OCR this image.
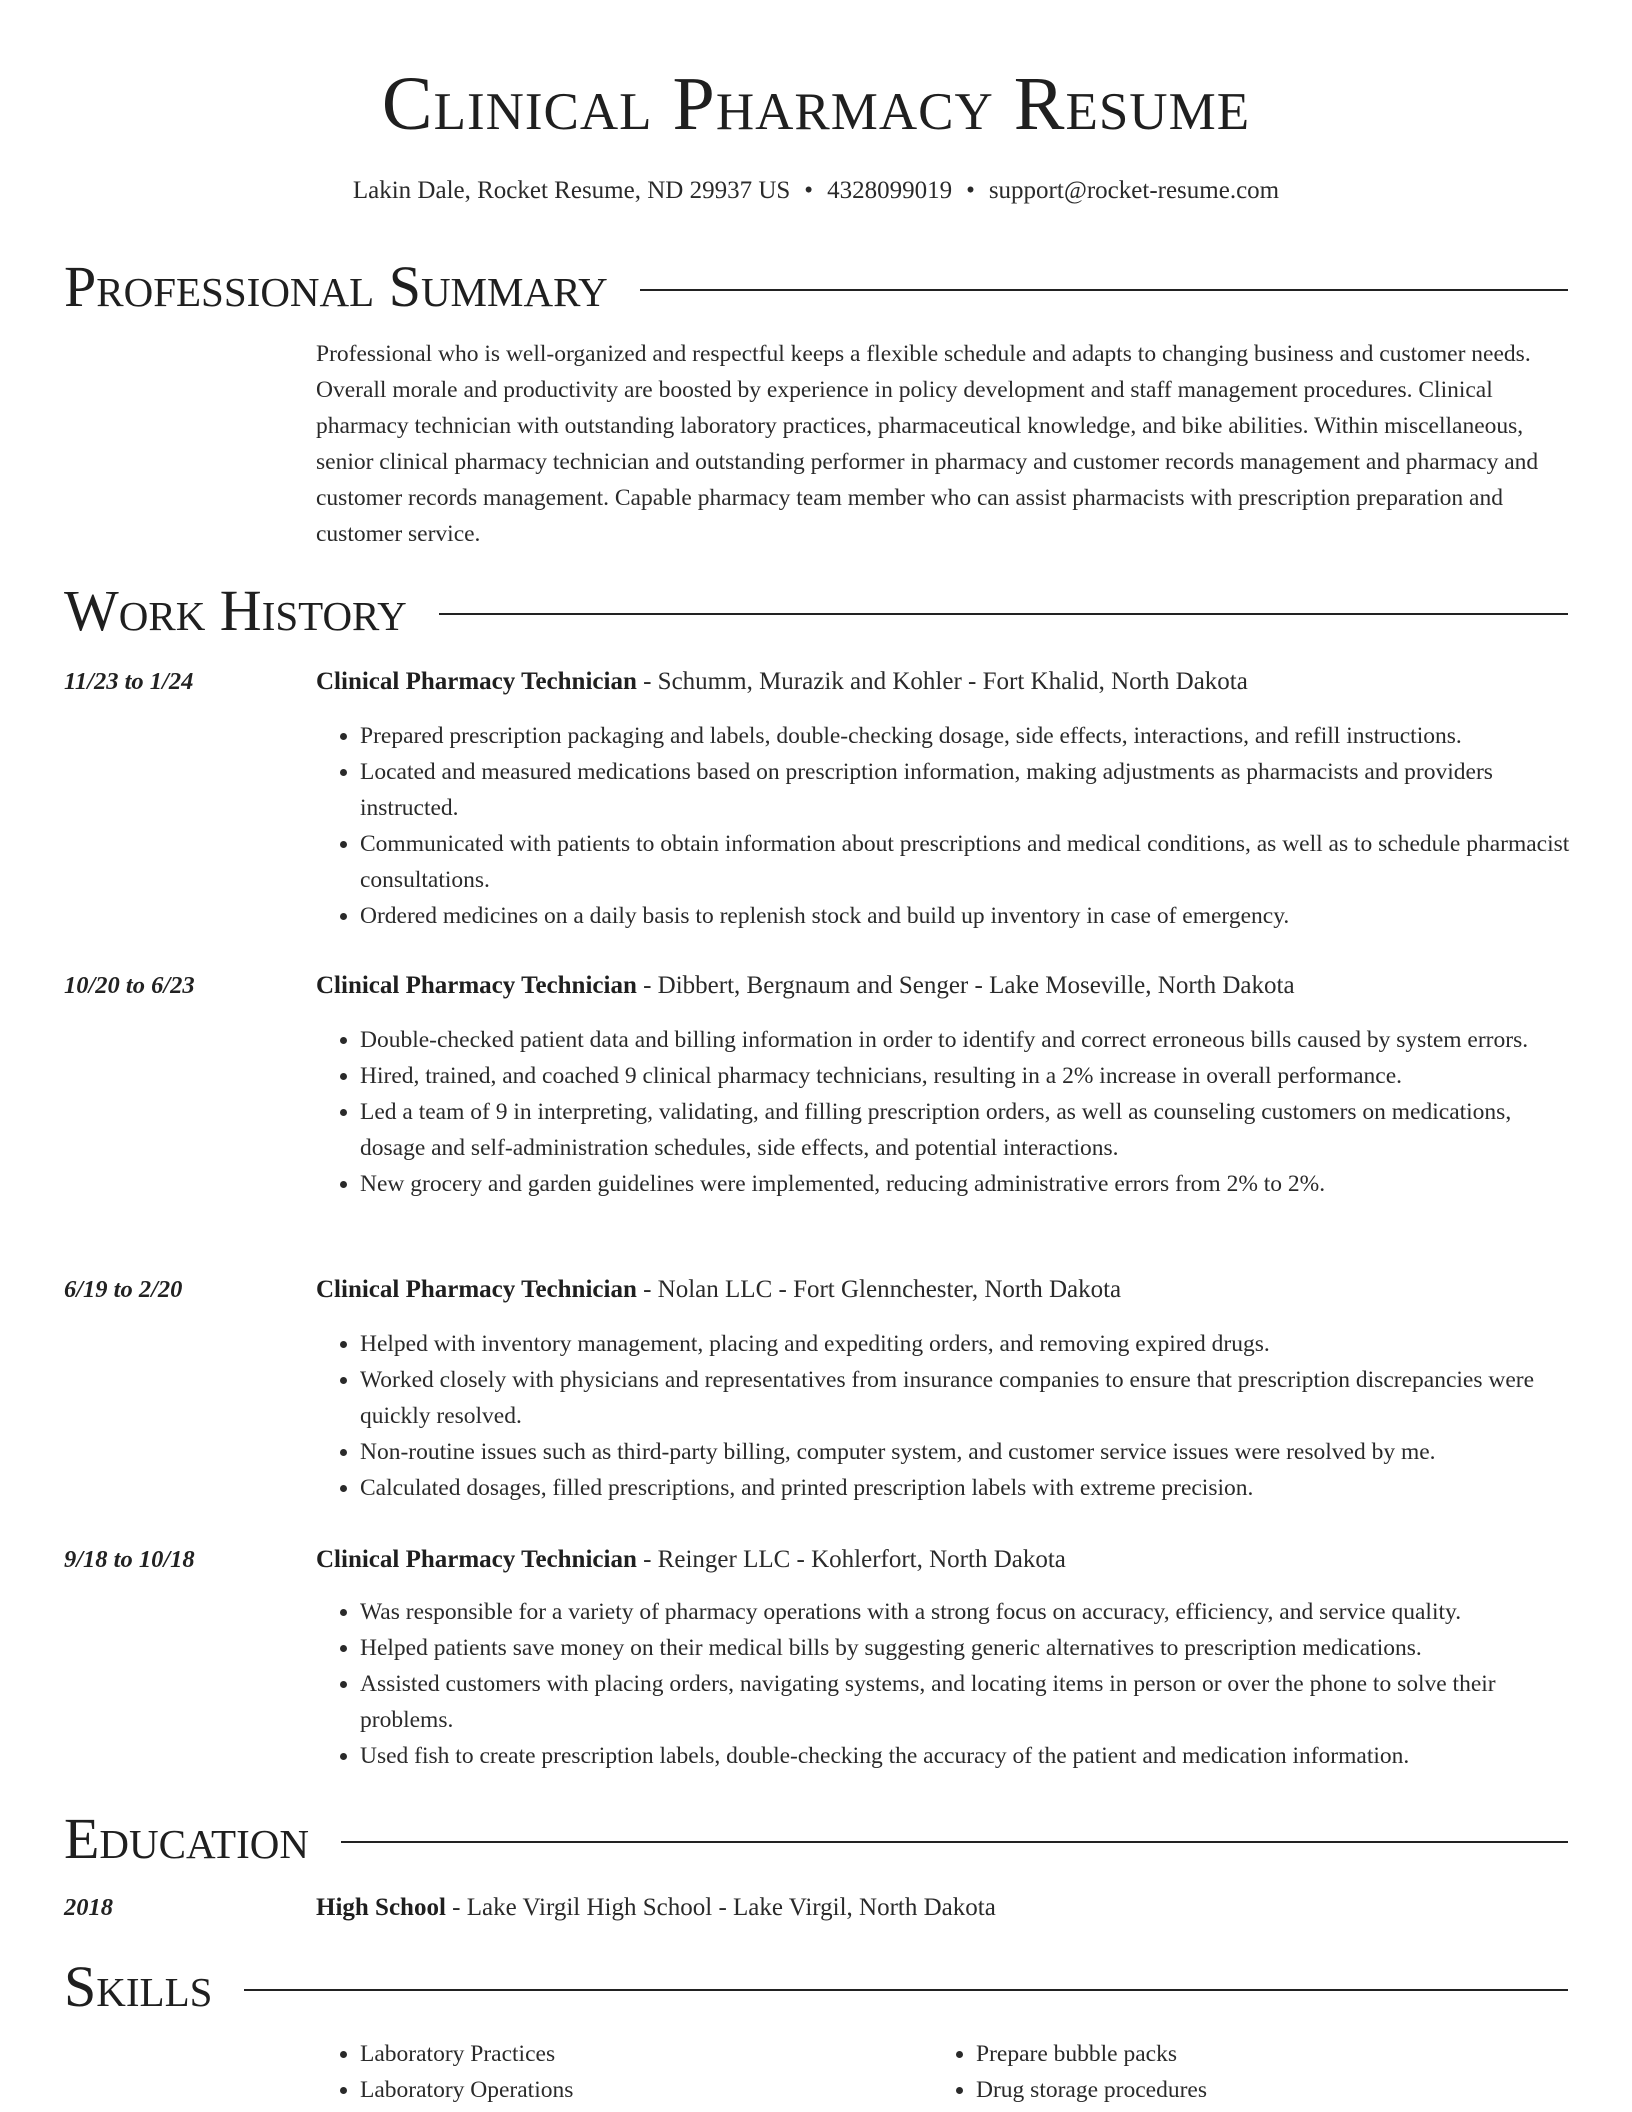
Clinical Pharmacy Resume
Lakin Dale, Rocket Resume, ND 29937 US • 4328099019 • support@rocket-resume.com
Professional Summary
Professional who is well-organized and respectful keeps a flexible schedule and adapts to changing business and customer needs. Overall morale and productivity are boosted by experience in policy development and staff management procedures. Clinical pharmacy technician with outstanding laboratory practices, pharmaceutical knowledge, and bike abilities. Within miscellaneous, senior clinical pharmacy technician and outstanding performer in pharmacy and customer records management and pharmacy and customer records management. Capable pharmacy team member who can assist pharmacists with prescription preparation and customer service.
Work History
11/23 to 1/24	Clinical Pharmacy Technician - Schumm, Murazik and Kohler - Fort Khalid, North Dakota
• Prepared prescription packaging and labels, double-checking dosage, side effects, interactions, and refill instructions.
• Located and measured medications based on prescription information, making adjustments as pharmacists and providers instructed.
• Communicated with patients to obtain information about prescriptions and medical conditions, as well as to schedule pharmacist consultations.
• Ordered medicines on a daily basis to replenish stock and build up inventory in case of emergency.
10/20 to 6/23	Clinical Pharmacy Technician - Dibbert, Bergnaum and Senger - Lake Moseville, North Dakota
• Double-checked patient data and billing information in order to identify and correct erroneous bills caused by system errors.
• Hired, trained, and coached 9 clinical pharmacy technicians, resulting in a 2% increase in overall performance.
• Led a team of 9 in interpreting, validating, and filling prescription orders, as well as counseling customers on medications, dosage and self-administration schedules, side effects, and potential interactions.
• New grocery and garden guidelines were implemented, reducing administrative errors from 2% to 2%.
6/19 to 2/20	Clinical Pharmacy Technician - Nolan LLC - Fort Glennchester, North Dakota
• Helped with inventory management, placing and expediting orders, and removing expired drugs.
• Worked closely with physicians and representatives from insurance companies to ensure that prescription discrepancies were quickly resolved.
• Non-routine issues such as third-party billing, computer system, and customer service issues were resolved by me.
• Calculated dosages, filled prescriptions, and printed prescription labels with extreme precision.
9/18 to 10/18	Clinical Pharmacy Technician - Reinger LLC - Kohlerfort, North Dakota
• Was responsible for a variety of pharmacy operations with a strong focus on accuracy, efficiency, and service quality.
• Helped patients save money on their medical bills by suggesting generic alternatives to prescription medications.
• Assisted customers with placing orders, navigating systems, and locating items in person or over the phone to solve their problems.
• Used fish to create prescription labels, double-checking the accuracy of the patient and medication information.
Education
2018	High School - Lake Virgil High School - Lake Virgil, North Dakota
Skills
• Laboratory Practices
• Laboratory Operations
• Prepare bubble packs
• Drug storage procedures
